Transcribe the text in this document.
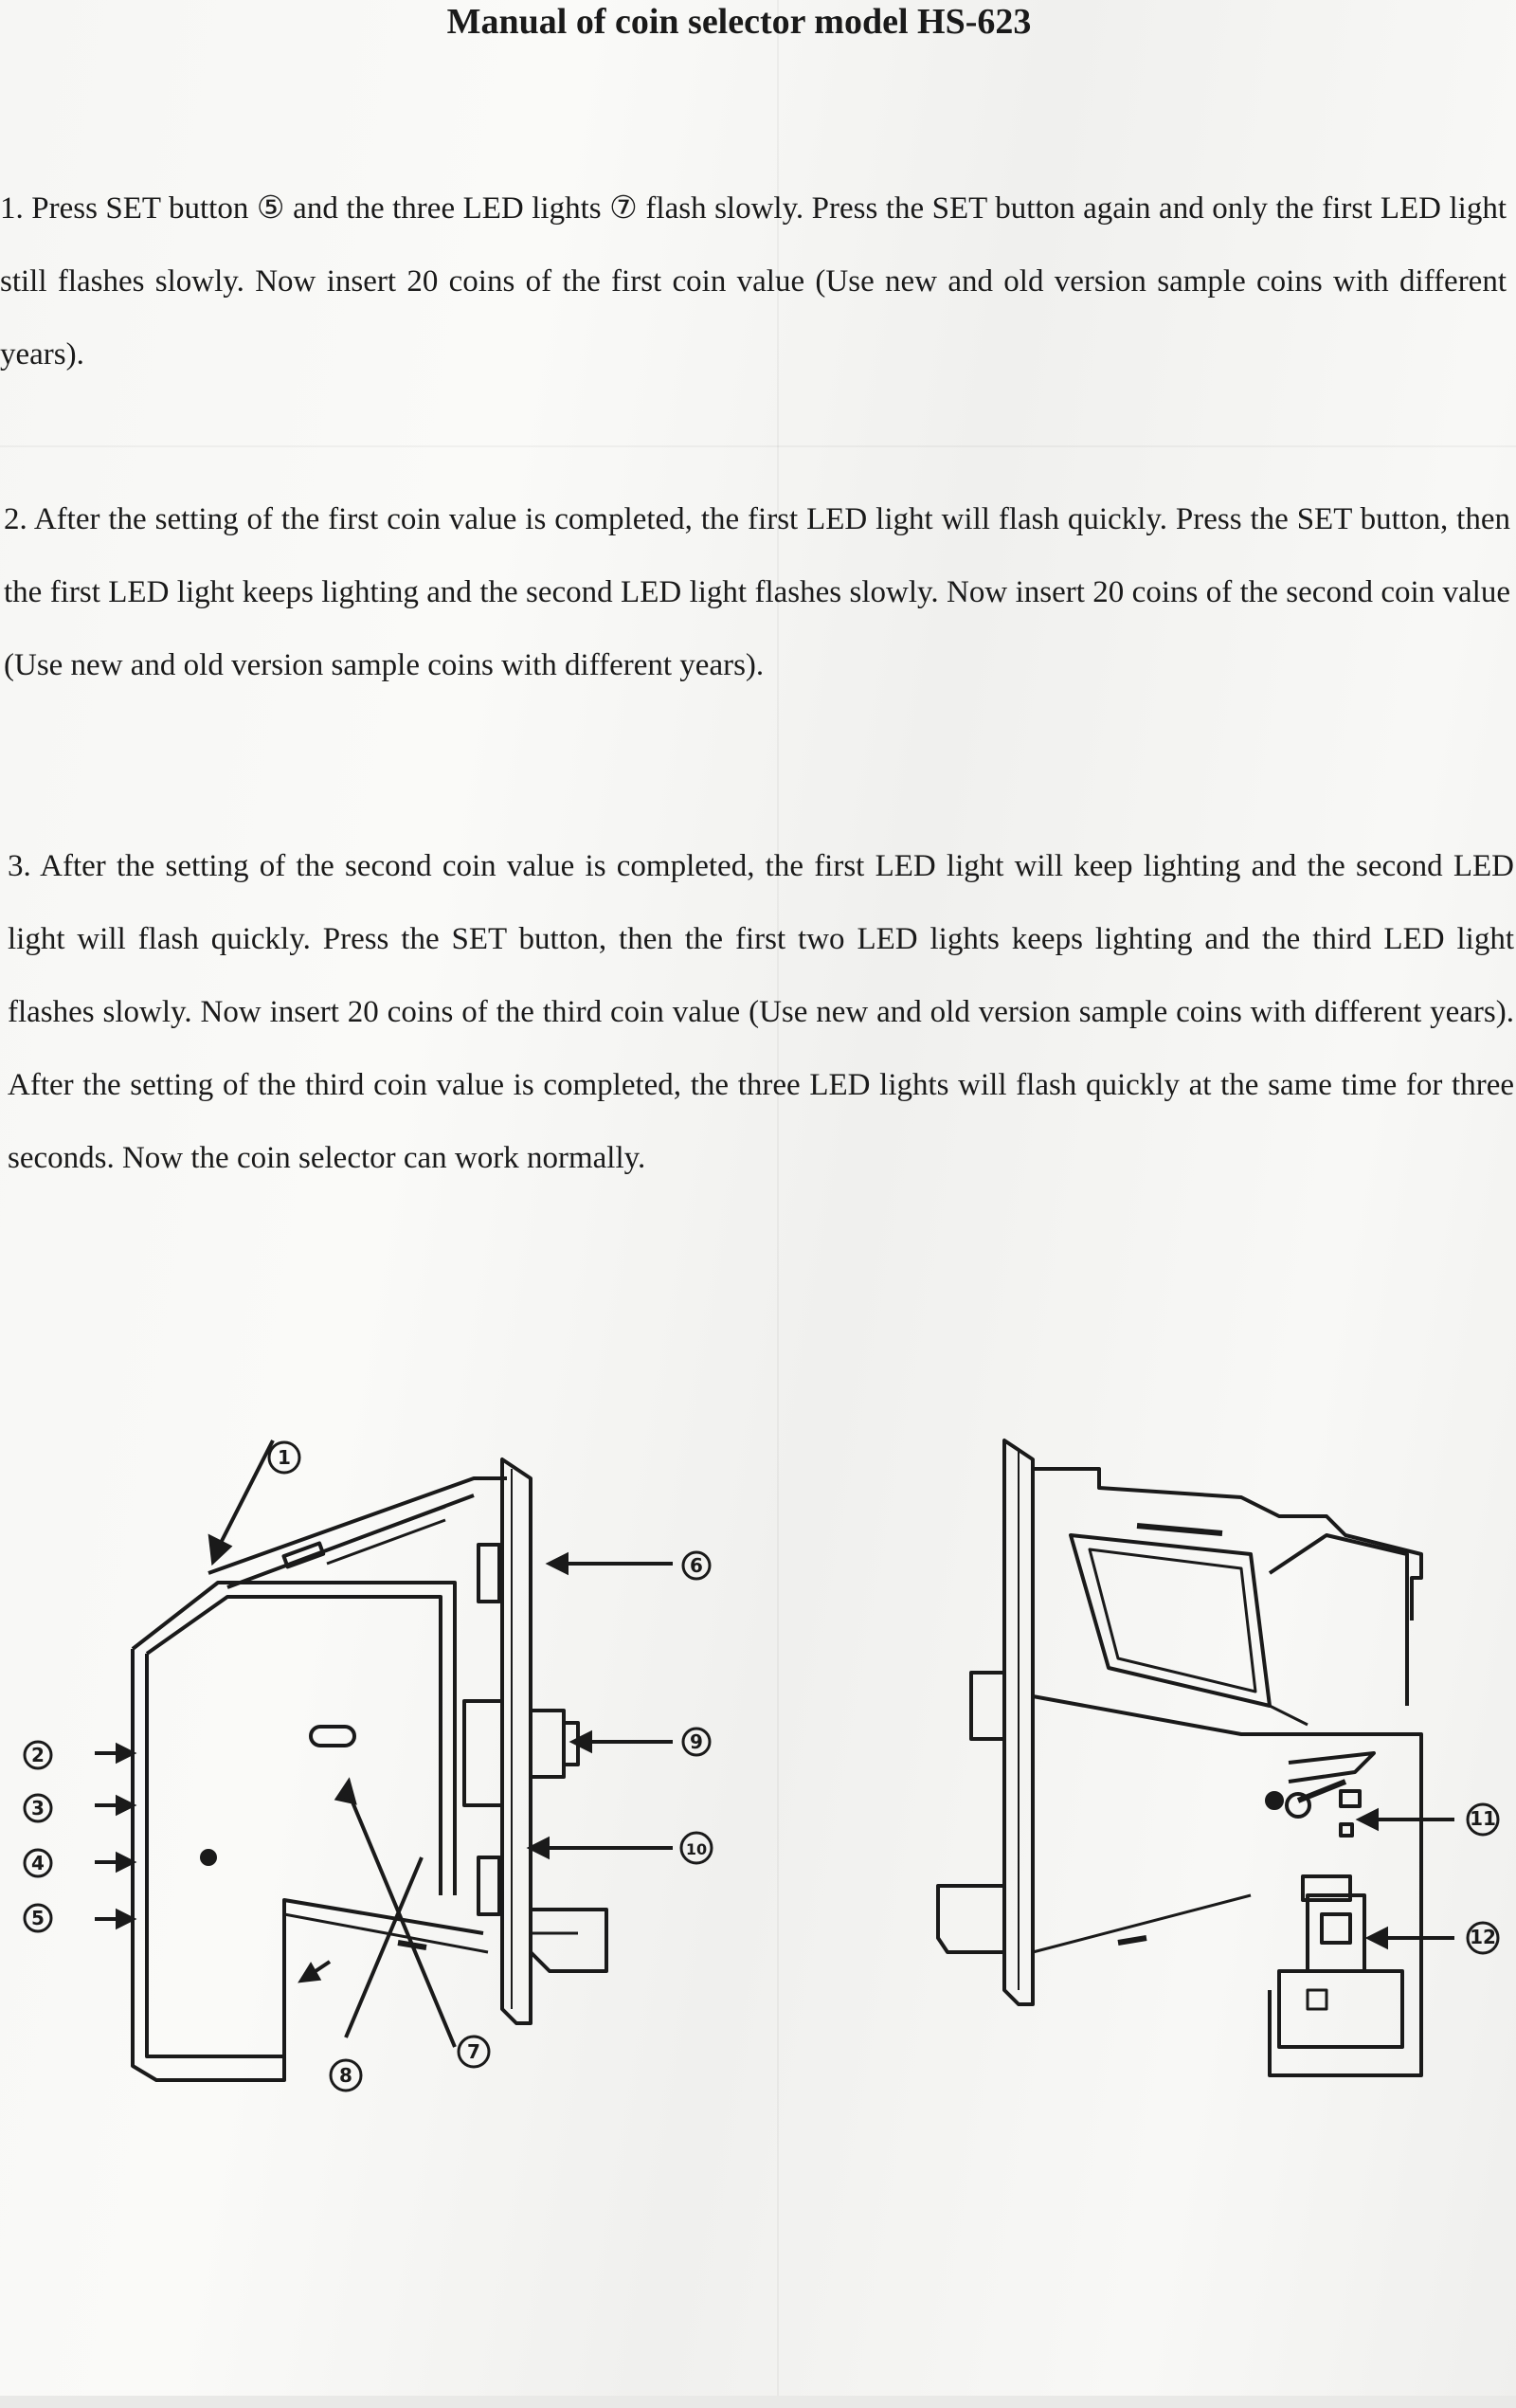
Manual of coin selector model HS-623
1. Press SET button ⑤ and the three LED lights ⑦ flash slowly. Press the SET button again and only the first LED light still flashes slowly. Now insert 20 coins of the first coin value (Use new and old version sample coins with different years).
2. After the setting of the first coin value is completed, the first LED light will flash quickly. Press the SET button, then the first LED light keeps lighting and the second LED light flashes slowly. Now insert 20 coins of the second coin value (Use new and old version sample coins with different years).
3. After the setting of the second coin value is completed, the first LED light will keep lighting and the second LED light will flash quickly. Press the SET button, then the first two LED lights keeps lighting and the third LED light flashes slowly. Now insert 20 coins of the third coin value (Use new and old version sample coins with different years). After the setting of the third coin value is completed, the three LED lights will flash quickly at the same time for three seconds. Now the coin selector can work normally.
1
2
3
4
5
8
6
9
10
7
11
12
